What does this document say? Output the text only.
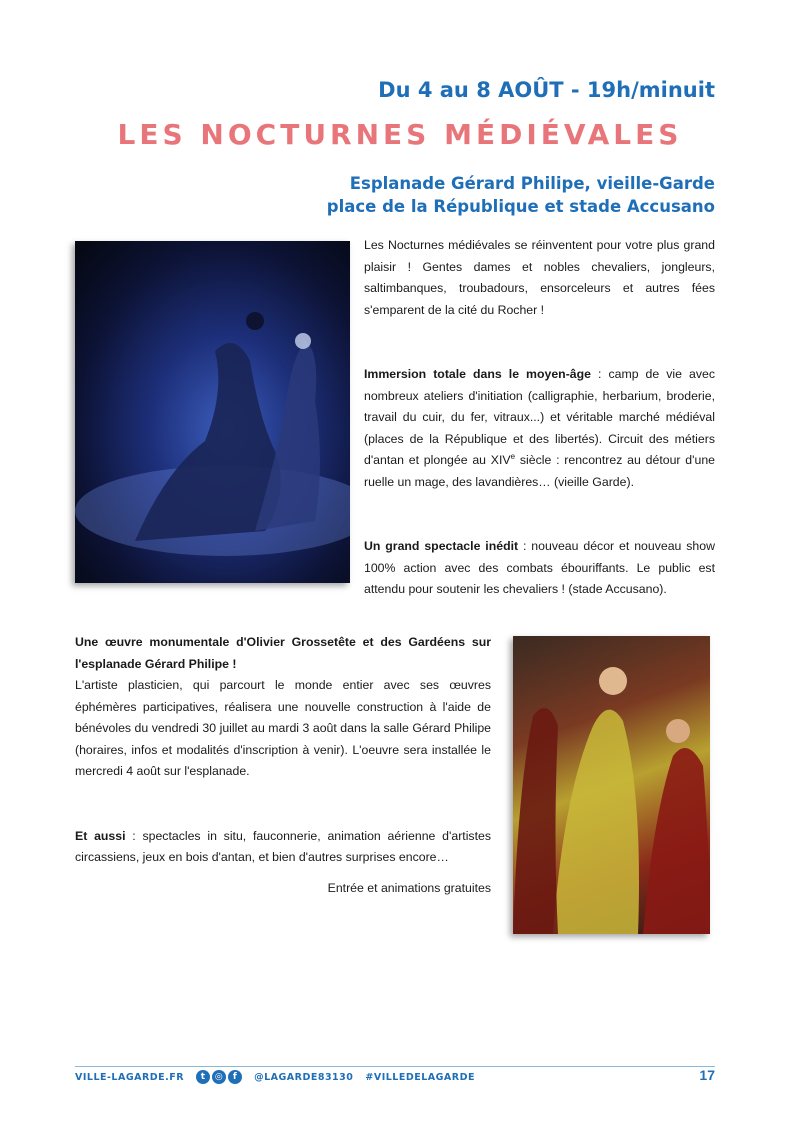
Du 4 au 8 AOÛT - 19h/minuit
LES NOCTURNES MÉDIÉVALES
Esplanade Gérard Philipe, vieille-Garde
place de la République et stade Accusano

Les Nocturnes médiévales se réinventent pour votre plus grand plaisir ! Gentes dames et nobles chevaliers, jongleurs, saltimbanques, troubadours, ensorceleurs et autres fées s'emparent de la cité du Rocher !

Immersion totale dans le moyen-âge : camp de vie avec nombreux ateliers d'initiation (calligraphie, herbarium, broderie, travail du cuir, du fer, vitraux...) et véritable marché médiéval (places de la République et des libertés). Circuit des métiers d'antan et plongée au XIVe siècle : rencontrez au détour d'une ruelle un mage, des lavandières… (vieille Garde).

Un grand spectacle inédit : nouveau décor et nouveau show 100% action avec des combats ébouriffants. Le public est attendu pour soutenir les chevaliers ! (stade Accusano).

Une œuvre monumentale d'Olivier Grossetête et des Gardéens sur l'esplanade Gérard Philipe !

L'artiste plasticien, qui parcourt le monde entier avec ses œuvres éphémères participatives, réalisera une nouvelle construction à l'aide de bénévoles du vendredi 30 juillet au mardi 3 août dans la salle Gérard Philipe (horaires, infos et modalités d'inscription à venir). L'oeuvre sera installée le mercredi 4 août sur l'esplanade.

Et aussi : spectacles in situ, fauconnerie, animation aérienne d'artistes circassiens, jeux en bois d'antan, et bien d'autres surprises encore…

Entrée et animations gratuites
VILLE-LAGARDE.FR	t	◎	f	@LAGARDE83130 #VILLEDELAGARDE	17
